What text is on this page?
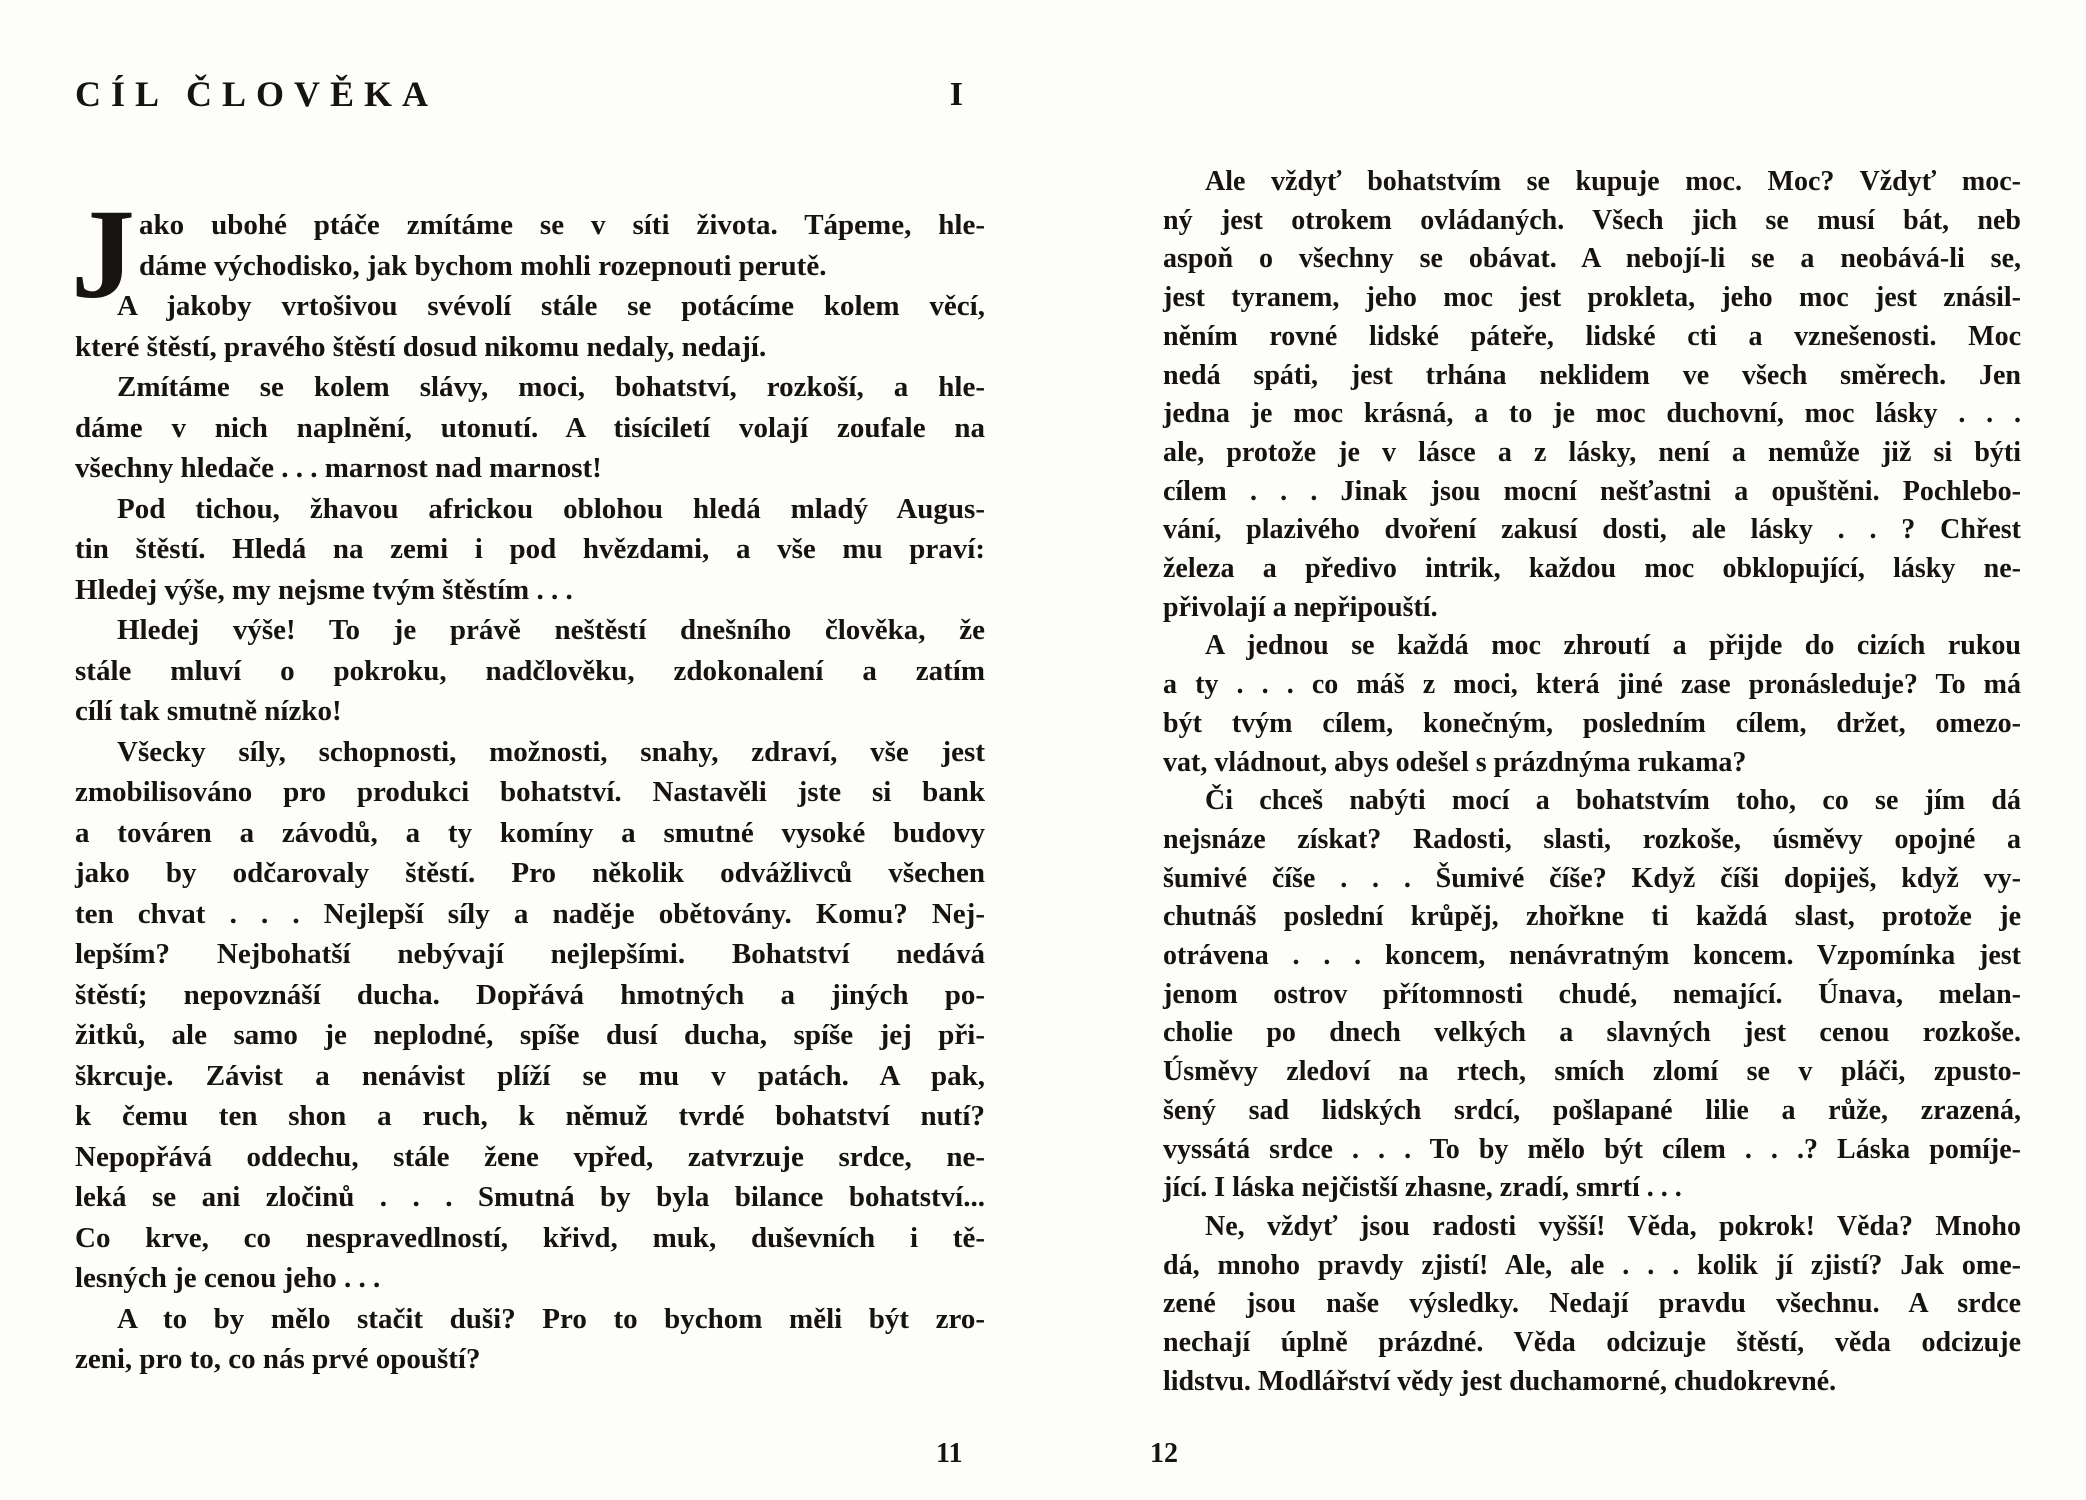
CÍL ČLOVĚKA	I
J ako ubohé ptáče zmítáme se v síti života. Tápeme, hle-
dáme východisko, jak bychom mohli rozepnouti perutě.
A jakoby vrtošivou svévolí stále se potácíme kolem věcí,
které štěstí, pravého štěstí dosud nikomu nedaly, nedají.
Zmítáme se kolem slávy, moci, bohatství, rozkoší, a hle-
dáme v nich naplnění, utonutí. A tisíciletí volají zoufale na
všechny hledače . . . marnost nad marnost!
Pod tichou, žhavou africkou oblohou hledá mladý Augus-
tin štěstí. Hledá na zemi i pod hvězdami, a vše mu praví:
Hledej výše, my nejsme tvým štěstím . . .
Hledej výše! To je právě neštěstí dnešního člověka, že
stále mluví o pokroku, nadčlověku, zdokonalení a zatím
cílí tak smutně nízko!
Všecky síly, schopnosti, možnosti, snahy, zdraví, vše jest
zmobilisováno pro produkci bohatství. Nastavěli jste si bank
a továren a závodů, a ty komíny a smutné vysoké budovy
jako by odčarovaly štěstí. Pro několik odvážlivců všechen
ten chvat . . . Nejlepší síly a naděje obětovány. Komu? Nej-
lepším? Nejbohatší nebývají nejlepšími. Bohatství nedává
štěstí; nepovznáší ducha. Dopřává hmotných a jiných po-
žitků, ale samo je neplodné, spíše dusí ducha, spíše jej při-
škrcuje. Závist a nenávist plíží se mu v patách. A pak,
k čemu ten shon a ruch, k němuž tvrdé bohatství nutí?
Nepopřává oddechu, stále žene vpřed, zatvrzuje srdce, ne-
leká se ani zločinů . . . Smutná by byla bilance bohatství...
Co krve, co nespravedlností, křivd, muk, duševních i tě-
lesných je cenou jeho . . .
A to by mělo stačit duši? Pro to bychom měli být zro-
zeni, pro to, co nás prvé opouští?
Ale vždyť bohatstvím se kupuje moc. Moc? Vždyť moc-
ný jest otrokem ovládaných. Všech jich se musí bát, neb
aspoň o všechny se obávat. A nebojí-li se a neobává-li se,
jest tyranem, jeho moc jest prokleta, jeho moc jest znásil-
něním rovné lidské páteře, lidské cti a vznešenosti. Moc
nedá spáti, jest trhána neklidem ve všech směrech. Jen
jedna je moc krásná, a to je moc duchovní, moc lásky . . .
ale, protože je v lásce a z lásky, není a nemůže již si býti
cílem . . . Jinak jsou mocní nešťastni a opuštěni. Pochlebo-
vání, plazivého dvoření zakusí dosti, ale lásky . . ? Chřest
železa a předivo intrik, každou moc obklopující, lásky ne-
přivolají a nepřipouští.
A jednou se každá moc zhroutí a přijde do cizích rukou
a ty . . . co máš z moci, která jiné zase pronásleduje? To má
být tvým cílem, konečným, posledním cílem, držet, omezo-
vat, vládnout, abys odešel s prázdnýma rukama?
Či chceš nabýti mocí a bohatstvím toho, co se jím dá
nejsnáze získat? Radosti, slasti, rozkoše, úsměvy opojné a
šumivé číše . . . Šumivé číše? Když číši dopiješ, když vy-
chutnáš poslední krůpěj, zhořkne ti každá slast, protože je
otrávena . . . koncem, nenávratným koncem. Vzpomínka jest
jenom ostrov přítomnosti chudé, nemající. Únava, melan-
cholie po dnech velkých a slavných jest cenou rozkoše.
Úsměvy zledoví na rtech, smích zlomí se v pláči, zpusto-
šený sad lidských srdcí, pošlapané lilie a růže, zrazená,
vyssátá srdce . . . To by mělo být cílem . . .? Láska pomíje-
jící. I láska nejčistší zhasne, zradí, smrtí . . .
Ne, vždyť jsou radosti vyšší! Věda, pokrok! Věda? Mnoho
dá, mnoho pravdy zjistí! Ale, ale . . . kolik jí zjistí? Jak ome-
zené jsou naše výsledky. Nedají pravdu všechnu. A srdce
nechají úplně prázdné. Věda odcizuje štěstí, věda odcizuje
lidstvu. Modlářství vědy jest duchamorné, chudokrevné.
11	12
